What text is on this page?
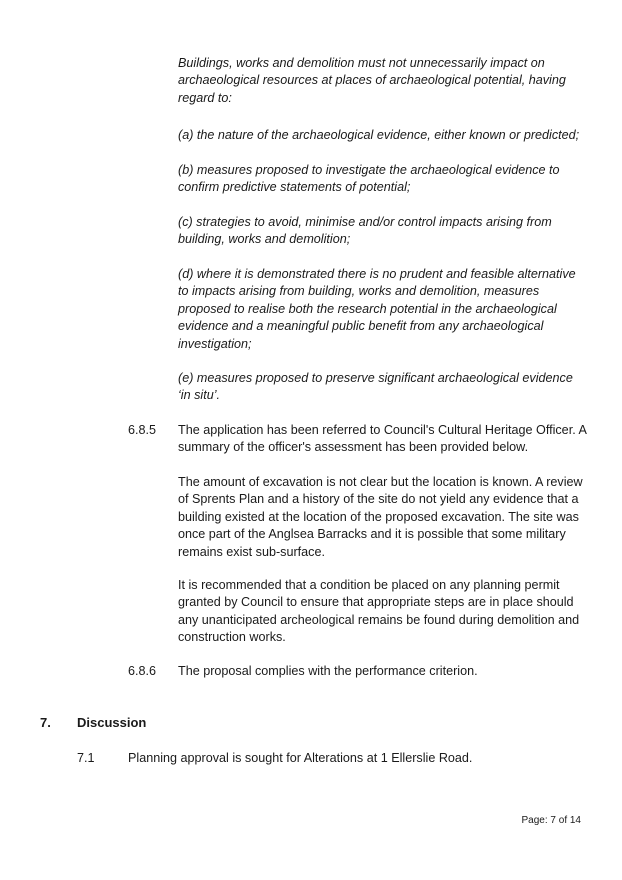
Buildings, works and demolition must not unnecessarily impact on archaeological resources at places of archaeological potential, having regard to:

(a) the nature of the archaeological evidence, either known or predicted;

(b) measures proposed to investigate the archaeological evidence to confirm predictive statements of potential;

(c) strategies to avoid, minimise and/or control impacts arising from building, works and demolition;

(d) where it is demonstrated there is no prudent and feasible alternative to impacts arising from building, works and demolition, measures proposed to realise both the research potential in the archaeological evidence and a meaningful public benefit from any archaeological investigation;

(e) measures proposed to preserve significant archaeological evidence ‘in situ’.

6.8.5 The application has been referred to Council's Cultural Heritage Officer. A summary of the officer's assessment has been provided below.

The amount of excavation is not clear but the location is known. A review of Sprents Plan and a history of the site do not yield any evidence that a building existed at the location of the proposed excavation. The site was once part of the Anglsea Barracks and it is possible that some military remains exist sub-surface.

It is recommended that a condition be placed on any planning permit granted by Council to ensure that appropriate steps are in place should any unanticipated archeological remains be found during demolition and construction works.

6.8.6 The proposal complies with the performance criterion.

7. Discussion

7.1	Planning approval is sought for Alterations at 1 Ellerslie Road.

Page: 7 of 14
